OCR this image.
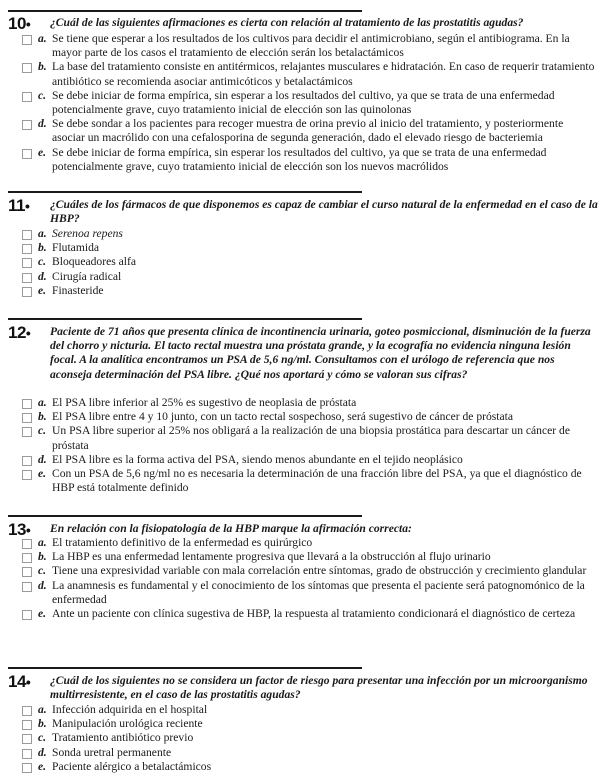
10•	¿Cuál de las siguientes afirmaciones es cierta con relación al tratamiento de las prostatitis agudas?
a. Se tiene que esperar a los resultados de los cultivos para decidir el antimicrobiano, según el antibiograma. En la mayor parte de los casos el tratamiento de elección serán los betalactámicos
b. La base del tratamiento consiste en antitérmicos, relajantes musculares e hidratación. En caso de requerir tratamiento antibiótico se recomienda asociar antimicóticos y betalactámicos
c. Se debe iniciar de forma empírica, sin esperar a los resultados del cultivo, ya que se trata de una enfermedad potencialmente grave, cuyo tratamiento inicial de elección son las quinolonas
d. Se debe sondar a los pacientes para recoger muestra de orina previo al inicio del tratamiento, y posteriormente asociar un macrólido con una cefalosporina de segunda generación, dado el elevado riesgo de bacteriemia
e. Se debe iniciar de forma empírica, sin esperar los resultados del cultivo, ya que se trata de una enfermedad potencialmente grave, cuyo tratamiento inicial de elección son los nuevos macrólidos
11•	¿Cuáles de los fármacos de que disponemos es capaz de cambiar el curso natural de la enfermedad en el caso de la HBP?
a. Serenoa repens
b. Flutamida
c. Bloqueadores alfa
d. Cirugía radical
e. Finasteride
12•	Paciente de 71 años que presenta clínica de incontinencia urinaria, goteo posmiccional, disminución de la fuerza del chorro y nicturia. El tacto rectal muestra una próstata grande, y la ecografía no evidencia ninguna lesión focal. A la analítica encontramos un PSA de 5,6 ng/ml. Consultamos con el urólogo de referencia que nos aconseja determinación del PSA libre. ¿Qué nos aportará y cómo se valoran sus cifras?
a. El PSA libre inferior al 25% es sugestivo de neoplasia de próstata
b. El PSA libre entre 4 y 10 junto, con un tacto rectal sospechoso, será sugestivo de cáncer de próstata
c. Un PSA libre superior al 25% nos obligará a la realización de una biopsia prostática para descartar un cáncer de próstata
d. El PSA libre es la forma activa del PSA, siendo menos abundante en el tejido neoplásico
e. Con un PSA de 5,6 ng/ml no es necesaria la determinación de una fracción libre del PSA, ya que el diagnóstico de HBP está totalmente definido
13•	En relación con la fisiopatología de la HBP marque la afirmación correcta:
a. El tratamiento definitivo de la enfermedad es quirúrgico
b. La HBP es una enfermedad lentamente progresiva que llevará a la obstrucción al flujo urinario
c. Tiene una expresividad variable con mala correlación entre síntomas, grado de obstrucción y crecimiento glandular
d. La anamnesis es fundamental y el conocimiento de los síntomas que presenta el paciente será patognomónico de la enfermedad
e. Ante un paciente con clínica sugestiva de HBP, la respuesta al tratamiento condicionará el diagnóstico de certeza
14•	¿Cuál de los siguientes no se considera un factor de riesgo para presentar una infección por un microorganismo multirresistente, en el caso de las prostatitis agudas?
a. Infección adquirida en el hospital
b. Manipulación urológica reciente
c. Tratamiento antibiótico previo
d. Sonda uretral permanente
e. Paciente alérgico a betalactámicos
